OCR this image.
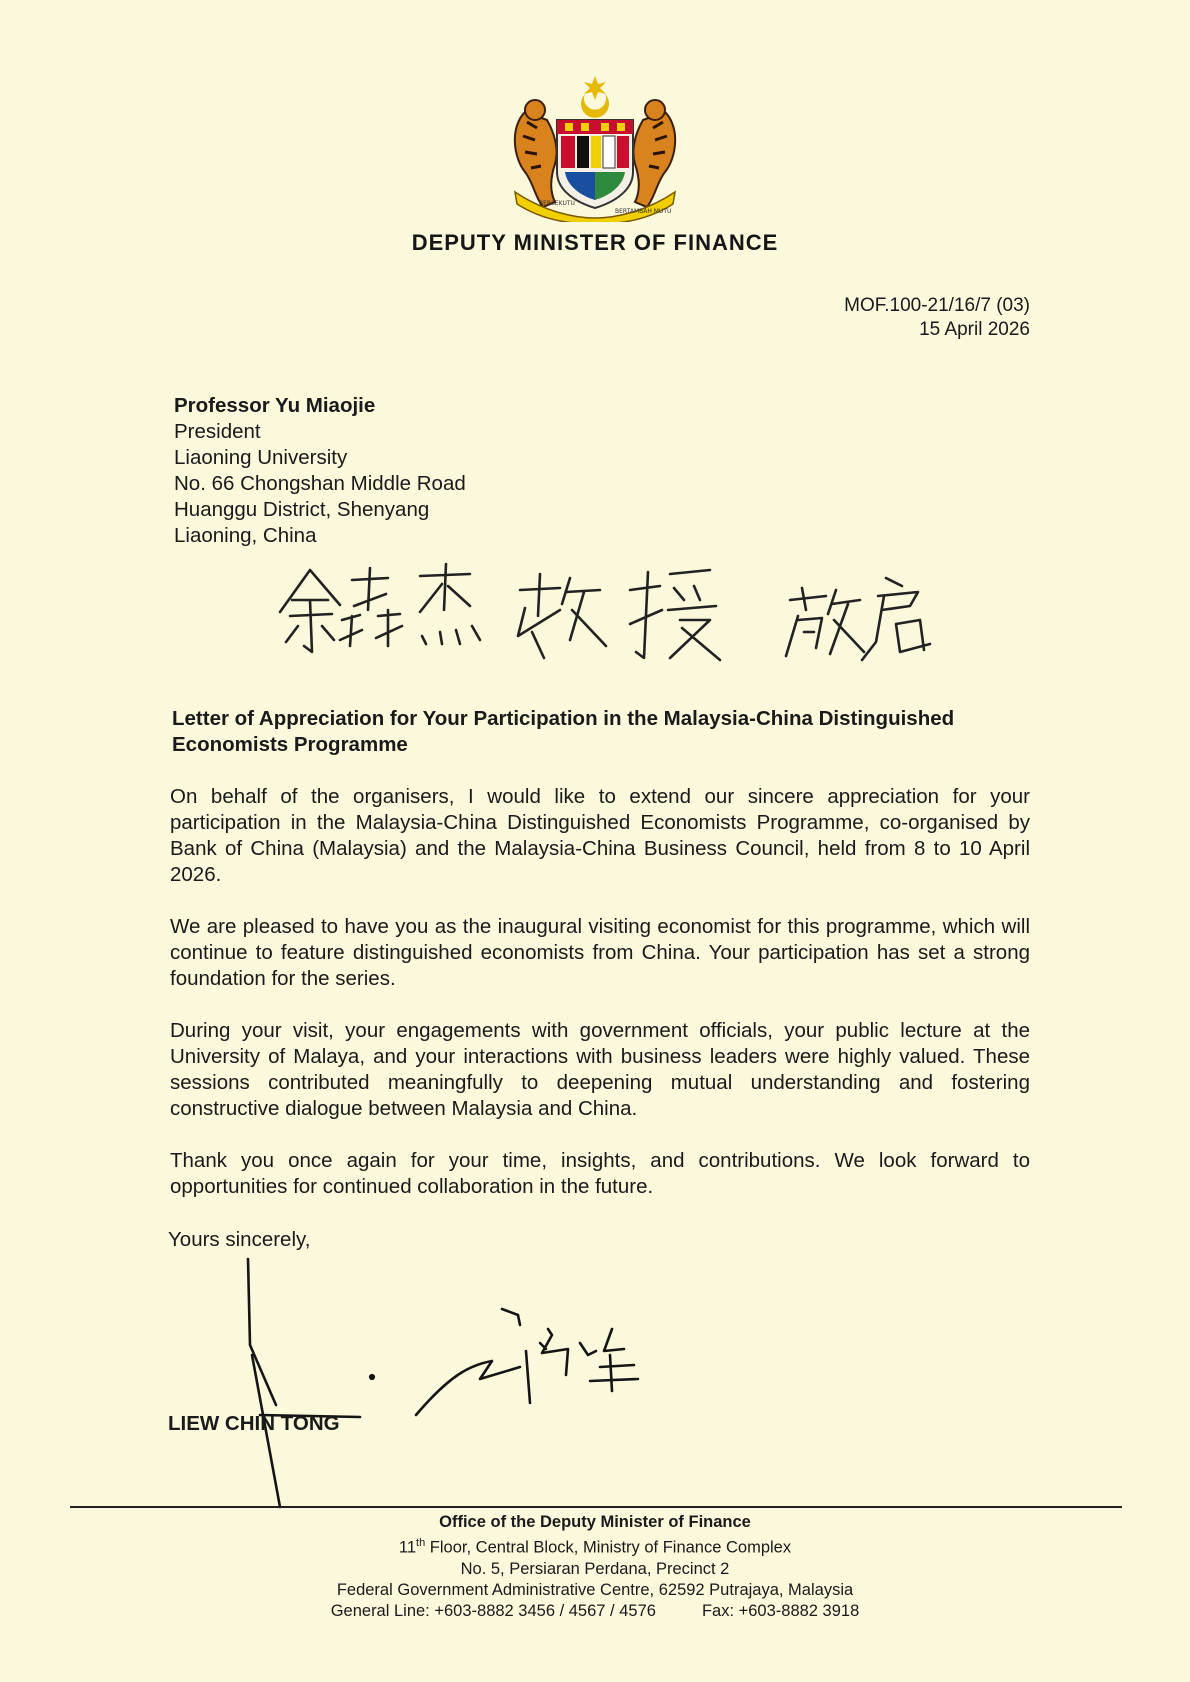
BERSEKUTU
BERTAMBAH MUTU
DEPUTY MINISTER OF FINANCE
MOF.100-21/16/7 (03)
15 April 2026
Professor Yu Miaojie
President
Liaoning University
No. 66 Chongshan Middle Road
Huanggu District, Shenyang
Liaoning, China
Letter of Appreciation for Your Participation in the Malaysia-China Distinguished
Economists Programme

On behalf of the organisers, I would like to extend our sincere appreciation for your participation in the Malaysia-China Distinguished Economists Programme, co-organised by Bank of China (Malaysia) and the Malaysia-China Business Council, held from 8 to 10 April 2026.

We are pleased to have you as the inaugural visiting economist for this programme, which will continue to feature distinguished economists from China. Your participation has set a strong foundation for the series.

During your visit, your engagements with government officials, your public lecture at the University of Malaya, and your interactions with business leaders were highly valued. These sessions contributed meaningfully to deepening mutual understanding and fostering constructive dialogue between Malaysia and China.

Thank you once again for your time, insights, and contributions. We look forward to opportunities for continued collaboration in the future.

Yours sincerely,
LIEW CHIN TONG
Office of the Deputy Minister of Finance
11th Floor, Central Block, Ministry of Finance Complex
No. 5, Persiaran Perdana, Precinct 2
Federal Government Administrative Centre, 62592 Putrajaya, Malaysia
General Line: +603-8882 3456 / 4567 / 4576	Fax: +603-8882 3918
